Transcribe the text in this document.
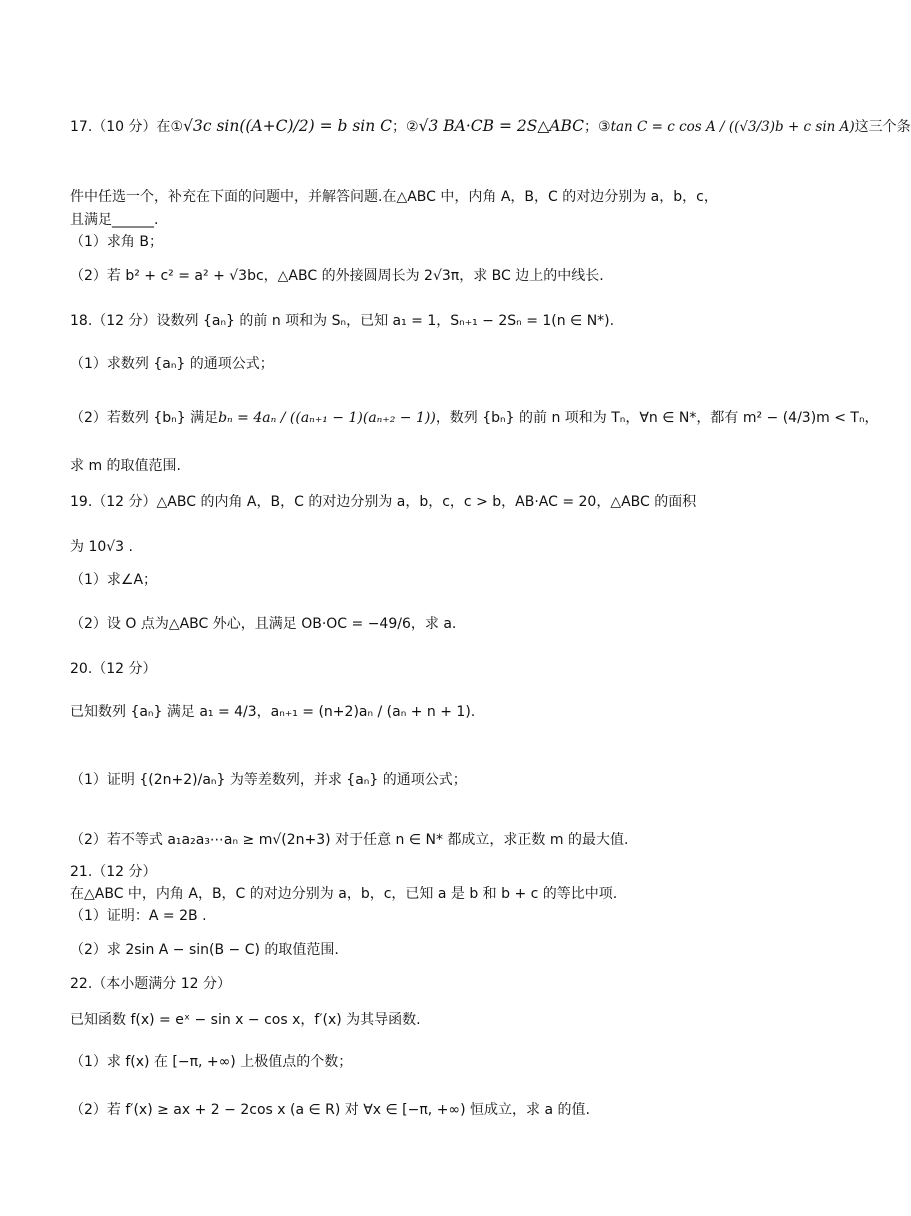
17.（10 分）在①√3c sin((A+C)/2) = b sin C；②√3 BA·CB = 2S△ABC；③tan C = c cos A / ((√3/3)b + c sin A)这三个条
件中任选一个，补充在下面的问题中，并解答问题.在△ABC 中，内角 A，B，C 的对边分别为 a，b，c，
且满足______.
（1）求角 B；
（2）若 b² + c² = a² + √3bc，△ABC 的外接圆周长为 2√3π，求 BC 边上的中线长.
18.（12 分）设数列 {aₙ} 的前 n 项和为 Sₙ，已知 a₁ = 1，Sₙ₊₁ − 2Sₙ = 1(n ∈ N*).
（1）求数列 {aₙ} 的通项公式；
（2）若数列 {bₙ} 满足bₙ = 4aₙ / ((aₙ₊₁ − 1)(aₙ₊₂ − 1))，数列 {bₙ} 的前 n 项和为 Tₙ，∀n ∈ N*，都有 m² − (4/3)m < Tₙ，
求 m 的取值范围.
19.（12 分）△ABC 的内角 A，B，C 的对边分别为 a，b，c，c > b，AB·AC = 20，△ABC 的面积
为 10√3 .
（1）求∠A；
（2）设 O 点为△ABC 外心，且满足 OB·OC = −49/6，求 a.
20.（12 分）
已知数列 {aₙ} 满足 a₁ = 4/3，aₙ₊₁ = (n+2)aₙ / (aₙ + n + 1).
（1）证明 {(2n+2)/aₙ} 为等差数列，并求 {aₙ} 的通项公式；
（2）若不等式 a₁a₂a₃⋯aₙ ≥ m√(2n+3) 对于任意 n ∈ N* 都成立，求正数 m 的最大值.
21.（12 分）
在△ABC 中，内角 A，B，C 的对边分别为 a，b，c，已知 a 是 b 和 b + c 的等比中项.
（1）证明：A = 2B .
（2）求 2sin A − sin(B − C) 的取值范围.
22.（本小题满分 12 分）
已知函数 f(x) = eˣ − sin x − cos x，f′(x) 为其导函数.
（1）求 f(x) 在 [−π, +∞) 上极值点的个数；
（2）若 f′(x) ≥ ax + 2 − 2cos x (a ∈ R) 对 ∀x ∈ [−π, +∞) 恒成立，求 a 的值.
